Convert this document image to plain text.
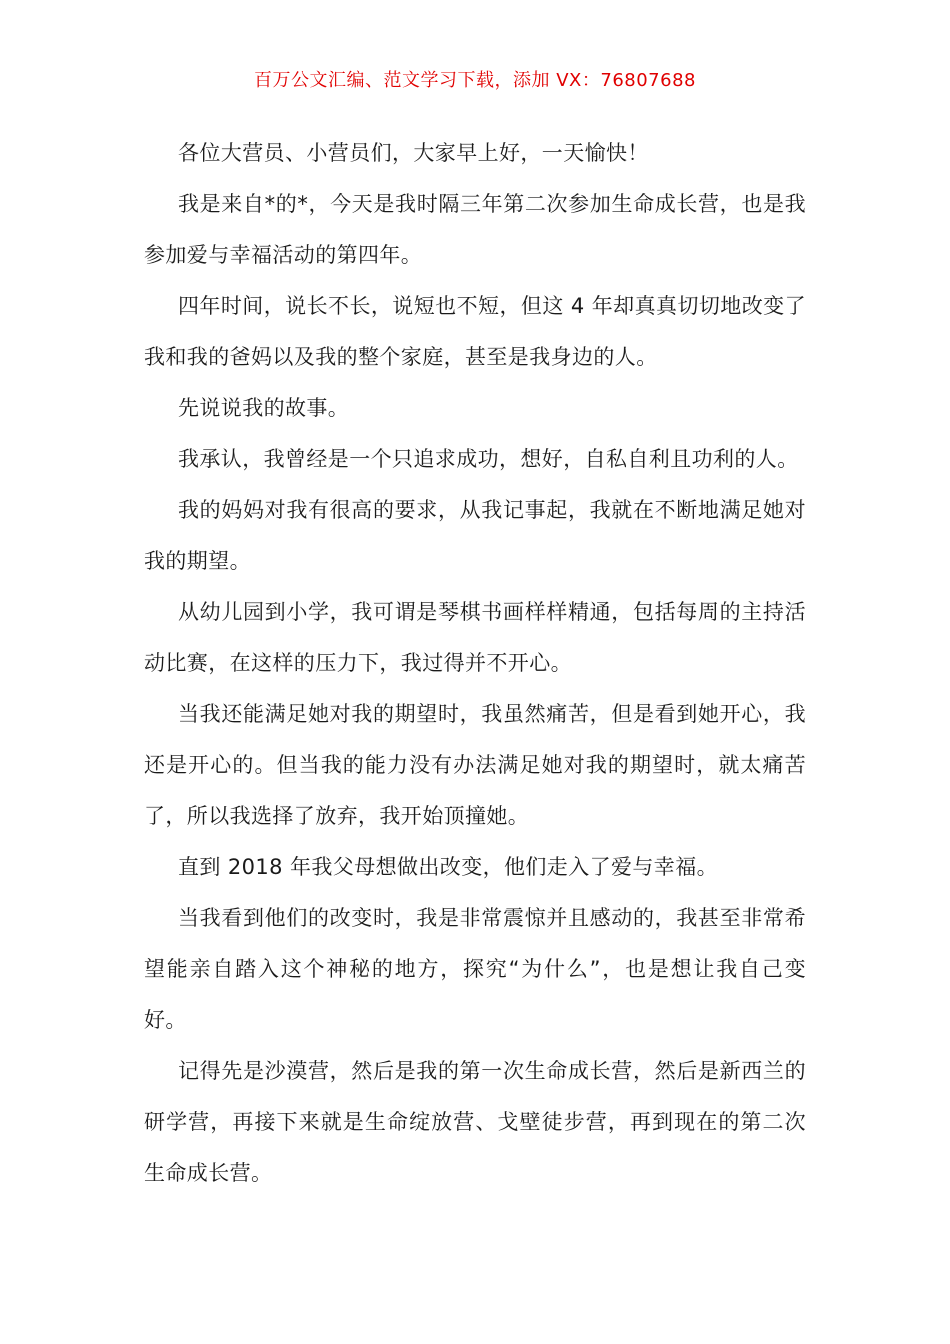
百万公文汇编、范文学习下载，添加 VX：76807688

各位大营员、小营员们，大家早上好，一天愉快！

我是来自*的*，今天是我时隔三年第二次参加生命成长营，也是我参加爱与幸福活动的第四年。

四年时间，说长不长，说短也不短，但这 4 年却真真切切地改变了我和我的爸妈以及我的整个家庭，甚至是我身边的人。

先说说我的故事。

我承认，我曾经是一个只追求成功，想好，自私自利且功利的人。

我的妈妈对我有很高的要求，从我记事起，我就在不断地满足她对我的期望。

从幼儿园到小学，我可谓是琴棋书画样样精通，包括每周的主持活动比赛，在这样的压力下，我过得并不开心。

当我还能满足她对我的期望时，我虽然痛苦，但是看到她开心，我还是开心的。但当我的能力没有办法满足她对我的期望时，就太痛苦了，所以我选择了放弃，我开始顶撞她。

直到 2018 年我父母想做出改变，他们走入了爱与幸福。

当我看到他们的改变时，我是非常震惊并且感动的，我甚至非常希望能亲自踏入这个神秘的地方，探究“为什么”，也是想让我自己变好。

记得先是沙漠营，然后是我的第一次生命成长营，然后是新西兰的研学营，再接下来就是生命绽放营、戈壁徒步营，再到现在的第二次生命成长营。
